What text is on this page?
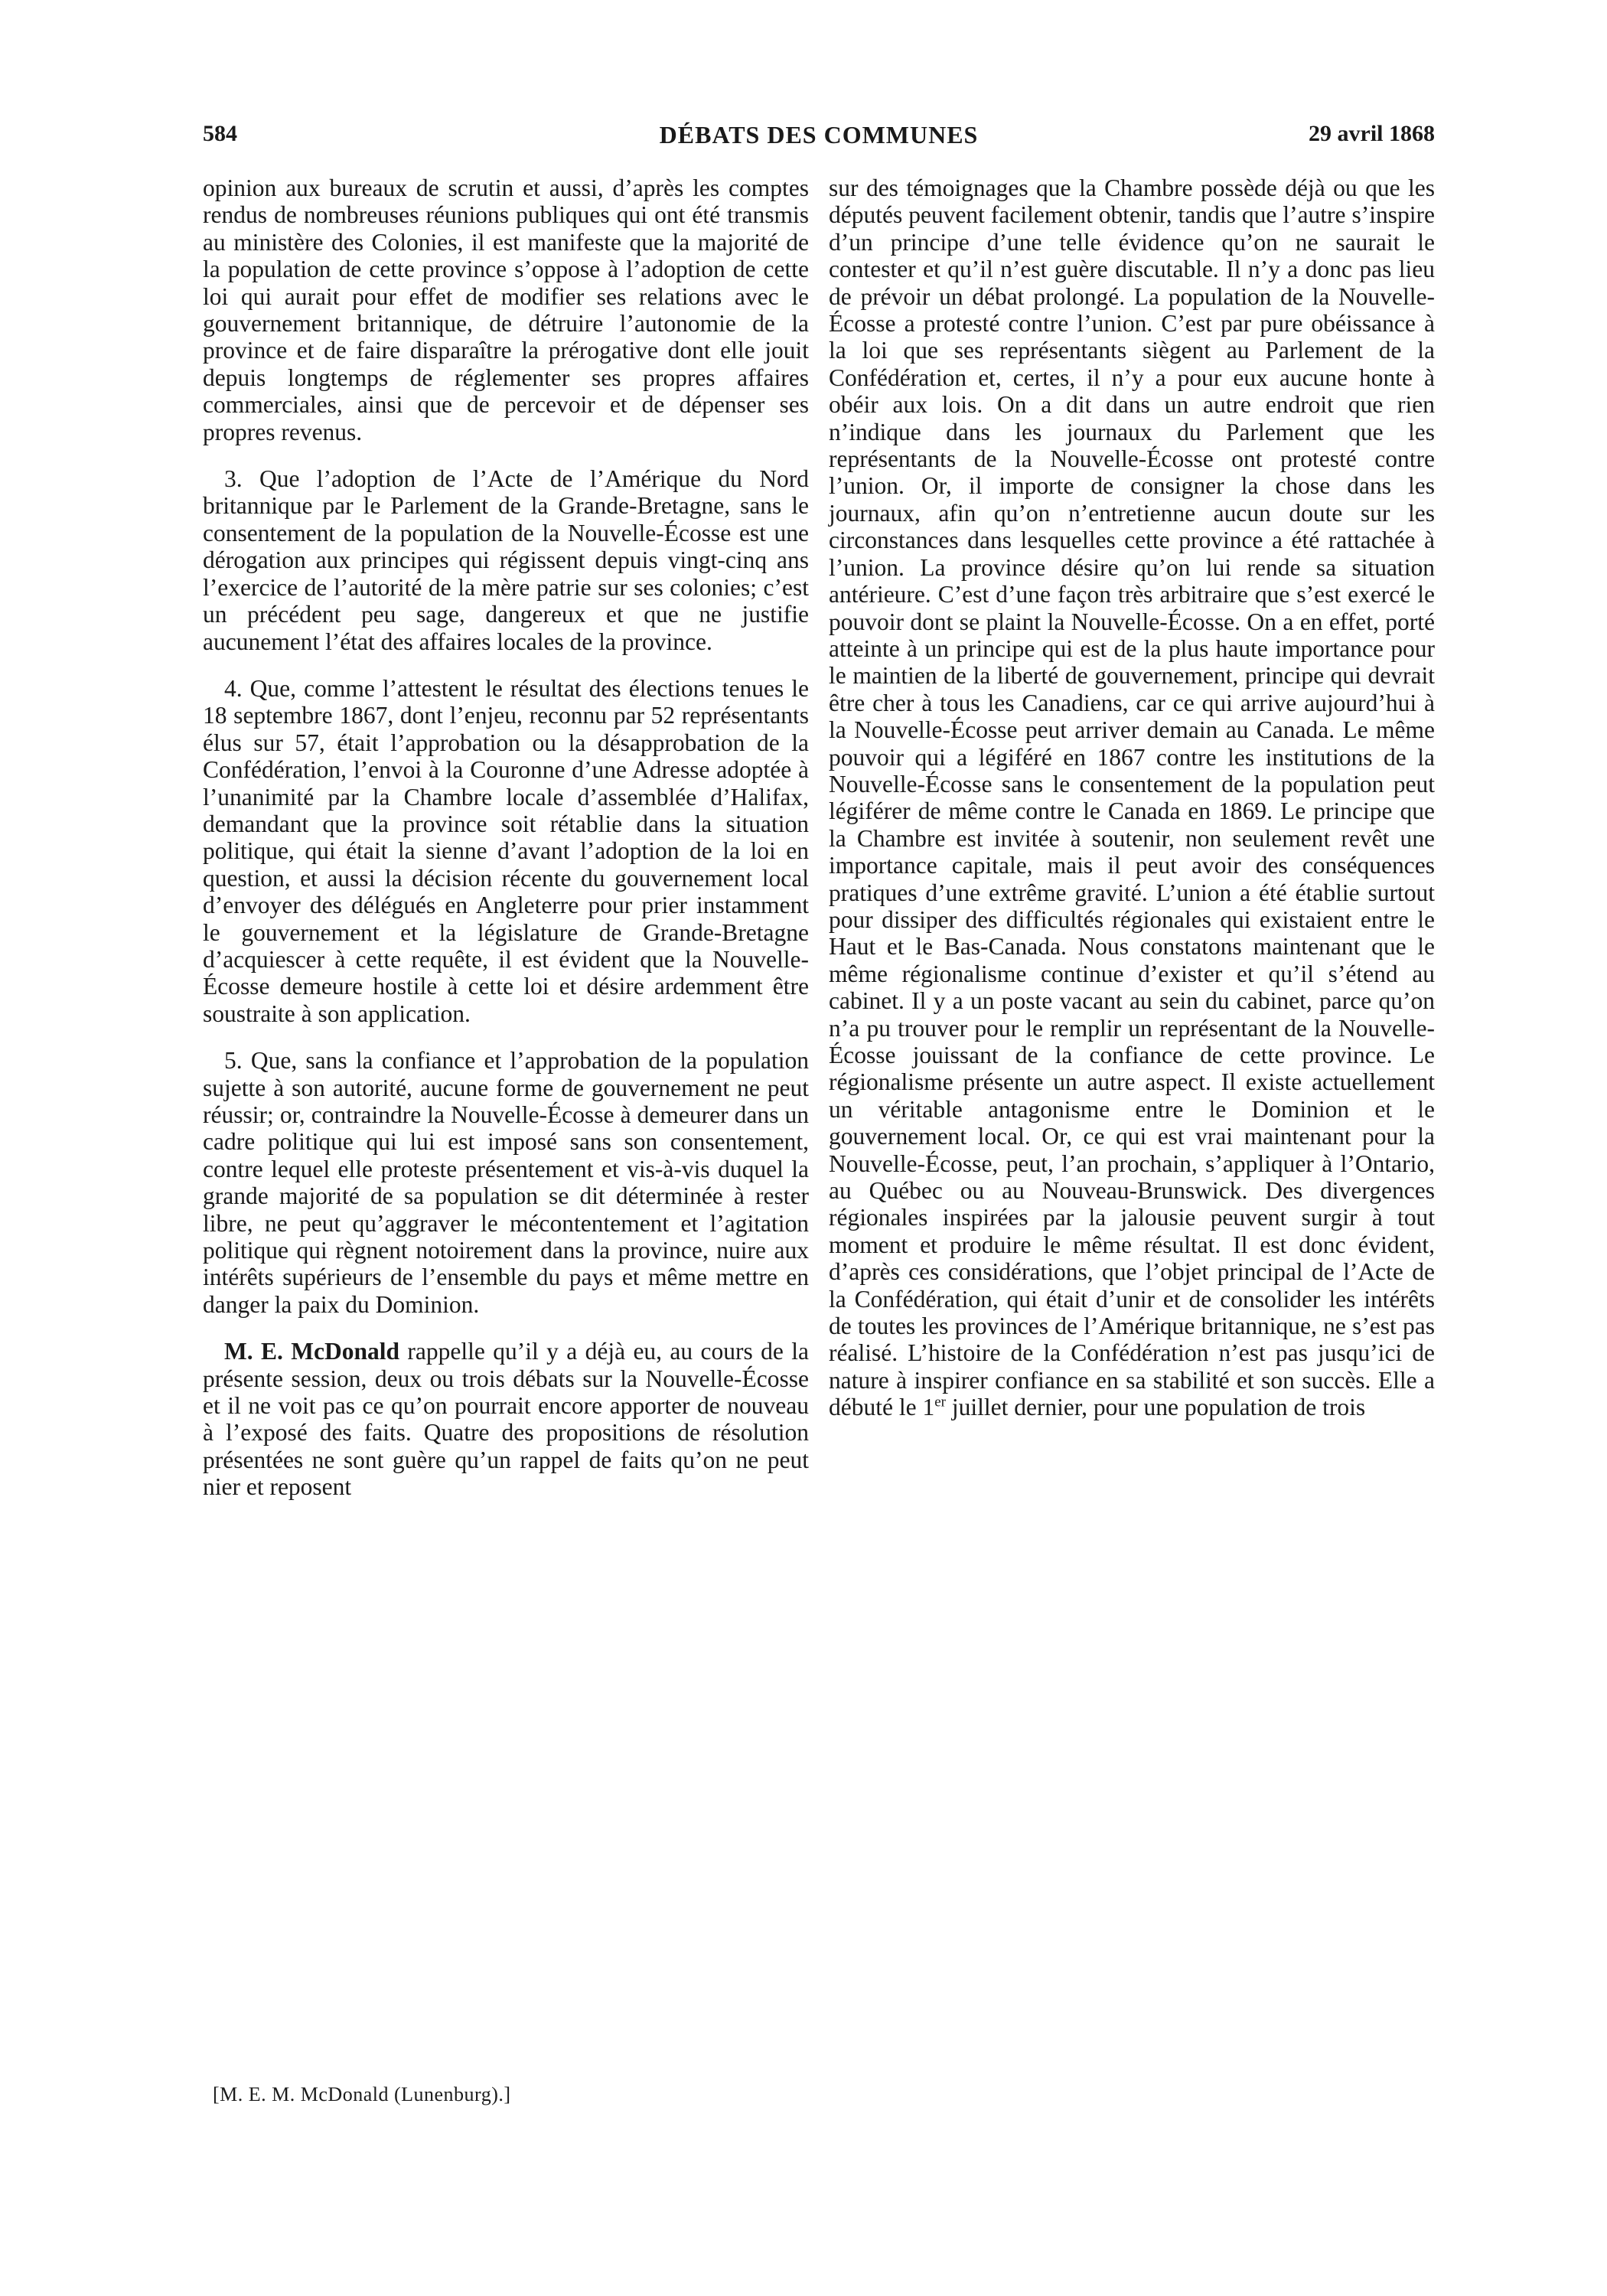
584	DÉBATS DES COMMUNES	29 avril 1868

opinion aux bureaux de scrutin et aussi, d’après les comptes rendus de nombreuses réunions publiques qui ont été transmis au ministère des Colonies, il est manifeste que la majorité de la population de cette province s’oppose à l’adoption de cette loi qui aurait pour effet de modifier ses relations avec le gouvernement britannique, de détruire l’autonomie de la province et de faire disparaître la prérogative dont elle jouit depuis longtemps de réglementer ses propres affaires commerciales, ainsi que de percevoir et de dépenser ses propres revenus.

3. Que l’adoption de l’Acte de l’Amérique du Nord britannique par le Parlement de la Grande-Bretagne, sans le consentement de la population de la Nouvelle-Écosse est une dérogation aux principes qui régissent depuis vingt-cinq ans l’exercice de l’autorité de la mère patrie sur ses colonies; c’est un précédent peu sage, dangereux et que ne justifie aucunement l’état des affaires locales de la province.

4. Que, comme l’attestent le résultat des élections tenues le 18 septembre 1867, dont l’enjeu, reconnu par 52 représentants élus sur 57, était l’approbation ou la désapprobation de la Confédération, l’envoi à la Couronne d’une Adresse adoptée à l’unanimité par la Chambre locale d’assemblée d’Halifax, demandant que la province soit rétablie dans la situation politique, qui était la sienne d’avant l’adoption de la loi en question, et aussi la décision récente du gouvernement local d’envoyer des délégués en Angleterre pour prier instamment le gouvernement et la législature de Grande-Bretagne d’acquiescer à cette requête, il est évident que la Nouvelle-Écosse demeure hostile à cette loi et désire ardemment être soustraite à son application.

5. Que, sans la confiance et l’approbation de la population sujette à son autorité, aucune forme de gouvernement ne peut réussir; or, contraindre la Nouvelle-Écosse à demeurer dans un cadre politique qui lui est imposé sans son consentement, contre lequel elle proteste présentement et vis-à-vis duquel la grande majorité de sa population se dit déterminée à rester libre, ne peut qu’aggraver le mécontentement et l’agitation politique qui règnent notoirement dans la province, nuire aux intérêts supérieurs de l’ensemble du pays et même mettre en danger la paix du Dominion.

M. E. McDonald rappelle qu’il y a déjà eu, au cours de la présente session, deux ou trois débats sur la Nouvelle-Écosse et il ne voit pas ce qu’on pourrait encore apporter de nouveau à l’exposé des faits. Quatre des propositions de résolution présentées ne sont guère qu’un rappel de faits qu’on ne peut nier et reposent

[M. E. M. McDonald (Lunenburg).]

sur des témoignages que la Chambre possède déjà ou que les députés peuvent facilement obtenir, tandis que l’autre s’inspire d’un principe d’une telle évidence qu’on ne saurait le contester et qu’il n’est guère discutable. Il n’y a donc pas lieu de prévoir un débat prolongé. La population de la Nouvelle-Écosse a protesté contre l’union. C’est par pure obéissance à la loi que ses représentants siègent au Parlement de la Confédération et, certes, il n’y a pour eux aucune honte à obéir aux lois. On a dit dans un autre endroit que rien n’indique dans les journaux du Parlement que les représentants de la Nouvelle-Écosse ont protesté contre l’union. Or, il importe de consigner la chose dans les journaux, afin qu’on n’entretienne aucun doute sur les circonstances dans lesquelles cette province a été rattachée à l’union. La province désire qu’on lui rende sa situation antérieure. C’est d’une façon très arbitraire que s’est exercé le pouvoir dont se plaint la Nouvelle-Écosse. On a en effet, porté atteinte à un principe qui est de la plus haute importance pour le maintien de la liberté de gouvernement, principe qui devrait être cher à tous les Canadiens, car ce qui arrive aujourd’hui à la Nouvelle-Écosse peut arriver demain au Canada. Le même pouvoir qui a légiféré en 1867 contre les institutions de la Nouvelle-Écosse sans le consentement de la population peut légiférer de même contre le Canada en 1869. Le principe que la Chambre est invitée à soutenir, non seulement revêt une importance capitale, mais il peut avoir des conséquences pratiques d’une extrême gravité. L’union a été établie surtout pour dissiper des difficultés régionales qui existaient entre le Haut et le Bas-Canada. Nous constatons maintenant que le même régionalisme continue d’exister et qu’il s’étend au cabinet. Il y a un poste vacant au sein du cabinet, parce qu’on n’a pu trouver pour le remplir un représentant de la Nouvelle-Écosse jouissant de la confiance de cette province. Le régionalisme présente un autre aspect. Il existe actuellement un véritable antagonisme entre le Dominion et le gouvernement local. Or, ce qui est vrai maintenant pour la Nouvelle-Écosse, peut, l’an prochain, s’appliquer à l’Ontario, au Québec ou au Nouveau-Brunswick. Des divergences régionales inspirées par la jalousie peuvent surgir à tout moment et produire le même résultat. Il est donc évident, d’après ces considérations, que l’objet principal de l’Acte de la Confédération, qui était d’unir et de consolider les intérêts de toutes les provinces de l’Amérique britannique, ne s’est pas réalisé. L’histoire de la Confédération n’est pas jusqu’ici de nature à inspirer confiance en sa stabilité et son succès. Elle a débuté le 1er juillet dernier, pour une population de trois
